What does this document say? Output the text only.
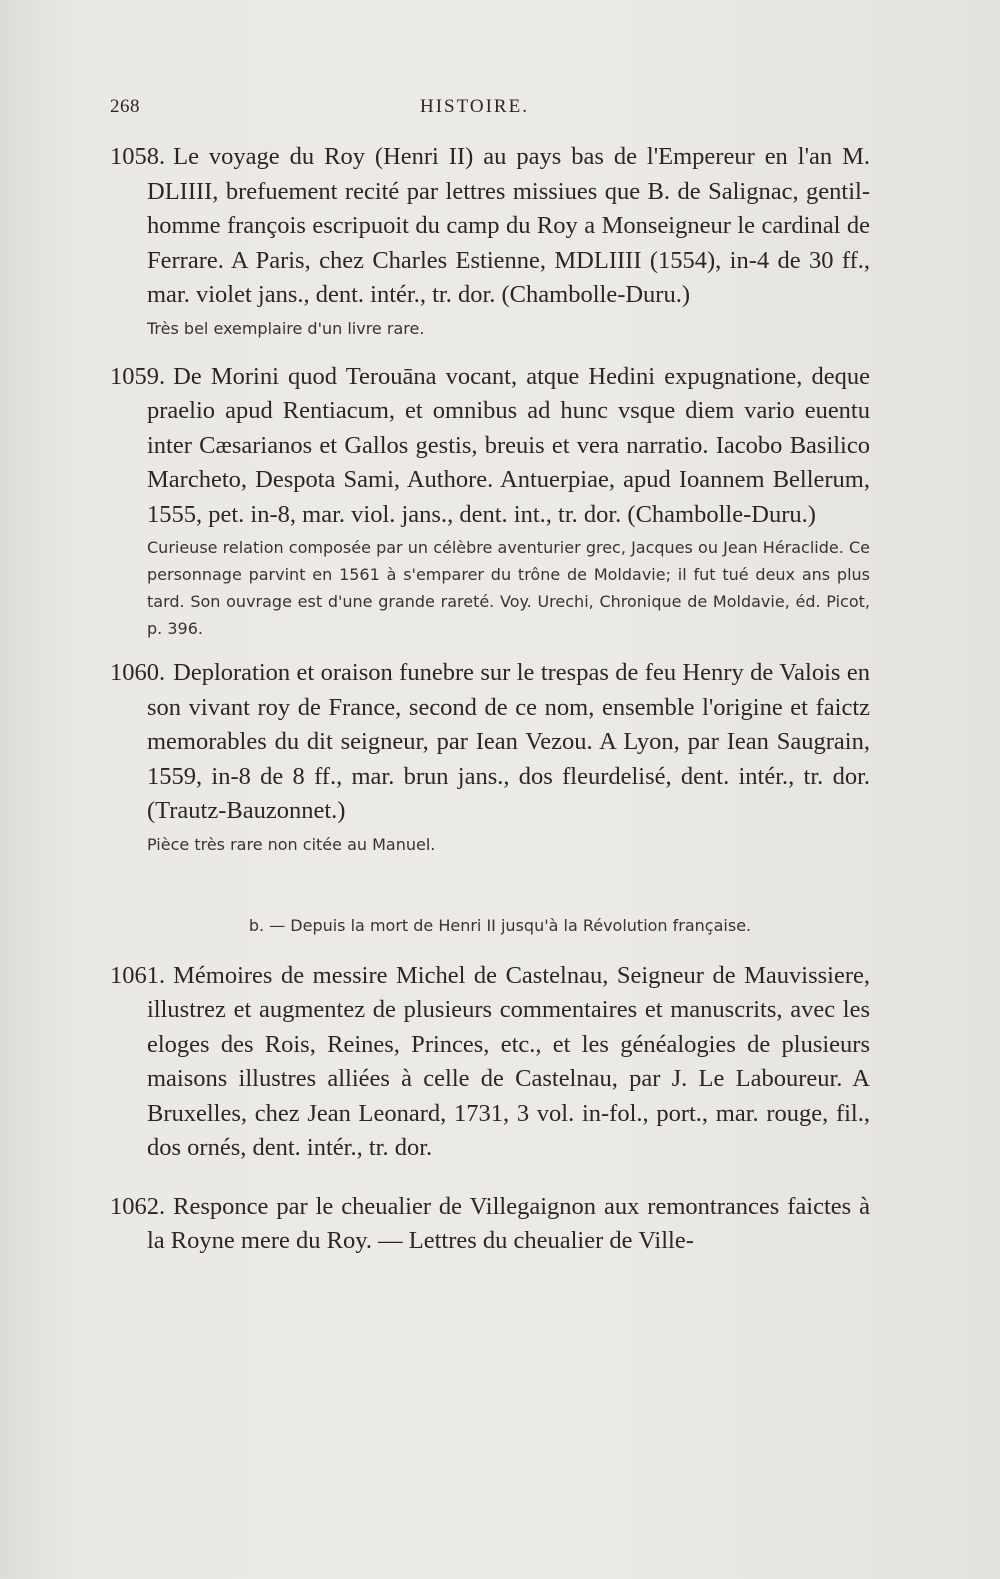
268	HISTOIRE.

1058. Le voyage du Roy (Henri II) au pays bas de l'Empereur en l'an M. DLIIII, brefuement recité par lettres missiues que B. de Salignac, gentil-homme françois escripuoit du camp du Roy a Monseigneur le cardinal de Ferrare. A Paris, chez Charles Estienne, MDLIIII (1554), in-4 de 30 ff., mar. violet jans., dent. intér., tr. dor. (Chambolle-Duru.)

Très bel exemplaire d'un livre rare.

1059. De Morini quod Terouāna vocant, atque Hedini expugnatione, deque praelio apud Rentiacum, et omnibus ad hunc vsque diem vario euentu inter Cæsarianos et Gallos gestis, breuis et vera narratio. Iacobo Basilico Marcheto, Despota Sami, Authore. Antuerpiae, apud Ioannem Bellerum, 1555, pet. in-8, mar. viol. jans., dent. int., tr. dor. (Chambolle-Duru.)

Curieuse relation composée par un célèbre aventurier grec, Jacques ou Jean Héraclide. Ce personnage parvint en 1561 à s'emparer du trône de Moldavie; il fut tué deux ans plus tard. Son ouvrage est d'une grande rareté. Voy. Urechi, Chronique de Moldavie, éd. Picot, p. 396.

1060. Deploration et oraison funebre sur le trespas de feu Henry de Valois en son vivant roy de France, second de ce nom, ensemble l'origine et faictz memorables du dit seigneur, par Iean Vezou. A Lyon, par Iean Saugrain, 1559, in-8 de 8 ff., mar. brun jans., dos fleurdelisé, dent. intér., tr. dor. (Trautz-Bauzonnet.)

Pièce très rare non citée au Manuel.

b. — Depuis la mort de Henri II jusqu'à la Révolution française.

1061. Mémoires de messire Michel de Castelnau, Seigneur de Mauvissiere, illustrez et augmentez de plusieurs commentaires et manuscrits, avec les eloges des Rois, Reines, Princes, etc., et les généalogies de plusieurs maisons illustres alliées à celle de Castelnau, par J. Le Laboureur. A Bruxelles, chez Jean Leonard, 1731, 3 vol. in-fol., port., mar. rouge, fil., dos ornés, dent. intér., tr. dor.

1062. Responce par le cheualier de Villegaignon aux remontrances faictes à la Royne mere du Roy. — Lettres du cheualier de Ville-
